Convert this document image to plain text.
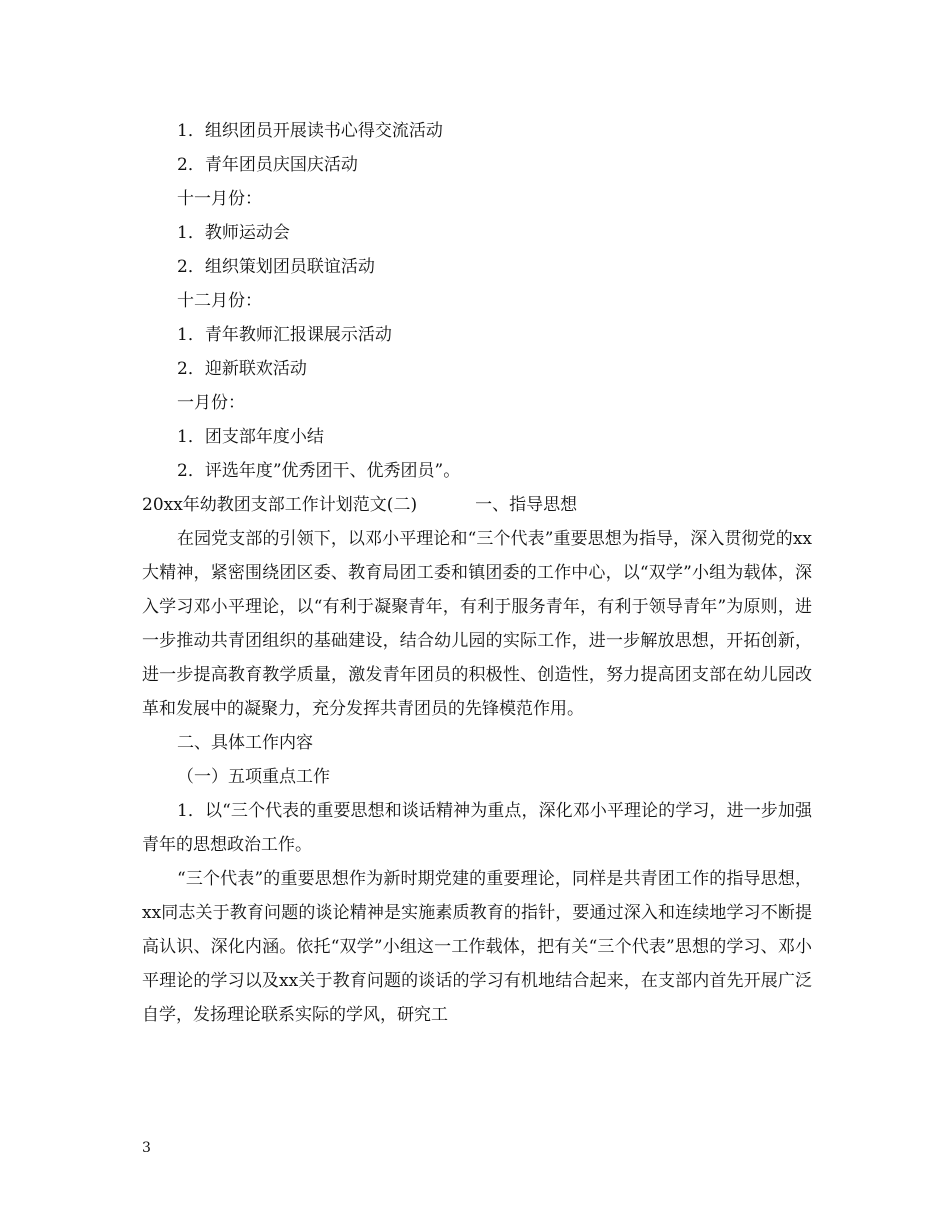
1．组织团员开展读书心得交流活动

2．青年团员庆国庆活动

十一月份：

1．教师运动会

2．组织策划团员联谊活动

十二月份：

1．青年教师汇报课展示活动

2．迎新联欢活动

一月份：

1．团支部年度小结

2．评选年度”优秀团干、优秀团员”。

20xx年幼教团支部工作计划范文(二)	一、指导思想

在园党支部的引领下，以邓小平理论和“三个代表”重要思想为指导，深入贯彻党的xx大精神，紧密围绕团区委、教育局团工委和镇团委的工作中心，以“双学”小组为载体，深入学习邓小平理论，以“有利于凝聚青年，有利于服务青年，有利于领导青年”为原则，进一步推动共青团组织的基础建设，结合幼儿园的实际工作，进一步解放思想，开拓创新，进一步提高教育教学质量，激发青年团员的积极性、创造性，努力提高团支部在幼儿园改革和发展中的凝聚力，充分发挥共青团员的先锋模范作用。

二、具体工作内容

（一）五项重点工作

1．以“三个代表的重要思想和谈话精神为重点，深化邓小平理论的学习，进一步加强青年的思想政治工作。

“三个代表”的重要思想作为新时期党建的重要理论，同样是共青团工作的指导思想，xx同志关于教育问题的谈论精神是实施素质教育的指针，要通过深入和连续地学习不断提高认识、深化内涵。依托“双学”小组这一工作载体，把有关“三个代表”思想的学习、邓小平理论的学习以及xx关于教育问题的谈话的学习有机地结合起来，在支部内首先开展广泛自学，发扬理论联系实际的学风，研究工

3
